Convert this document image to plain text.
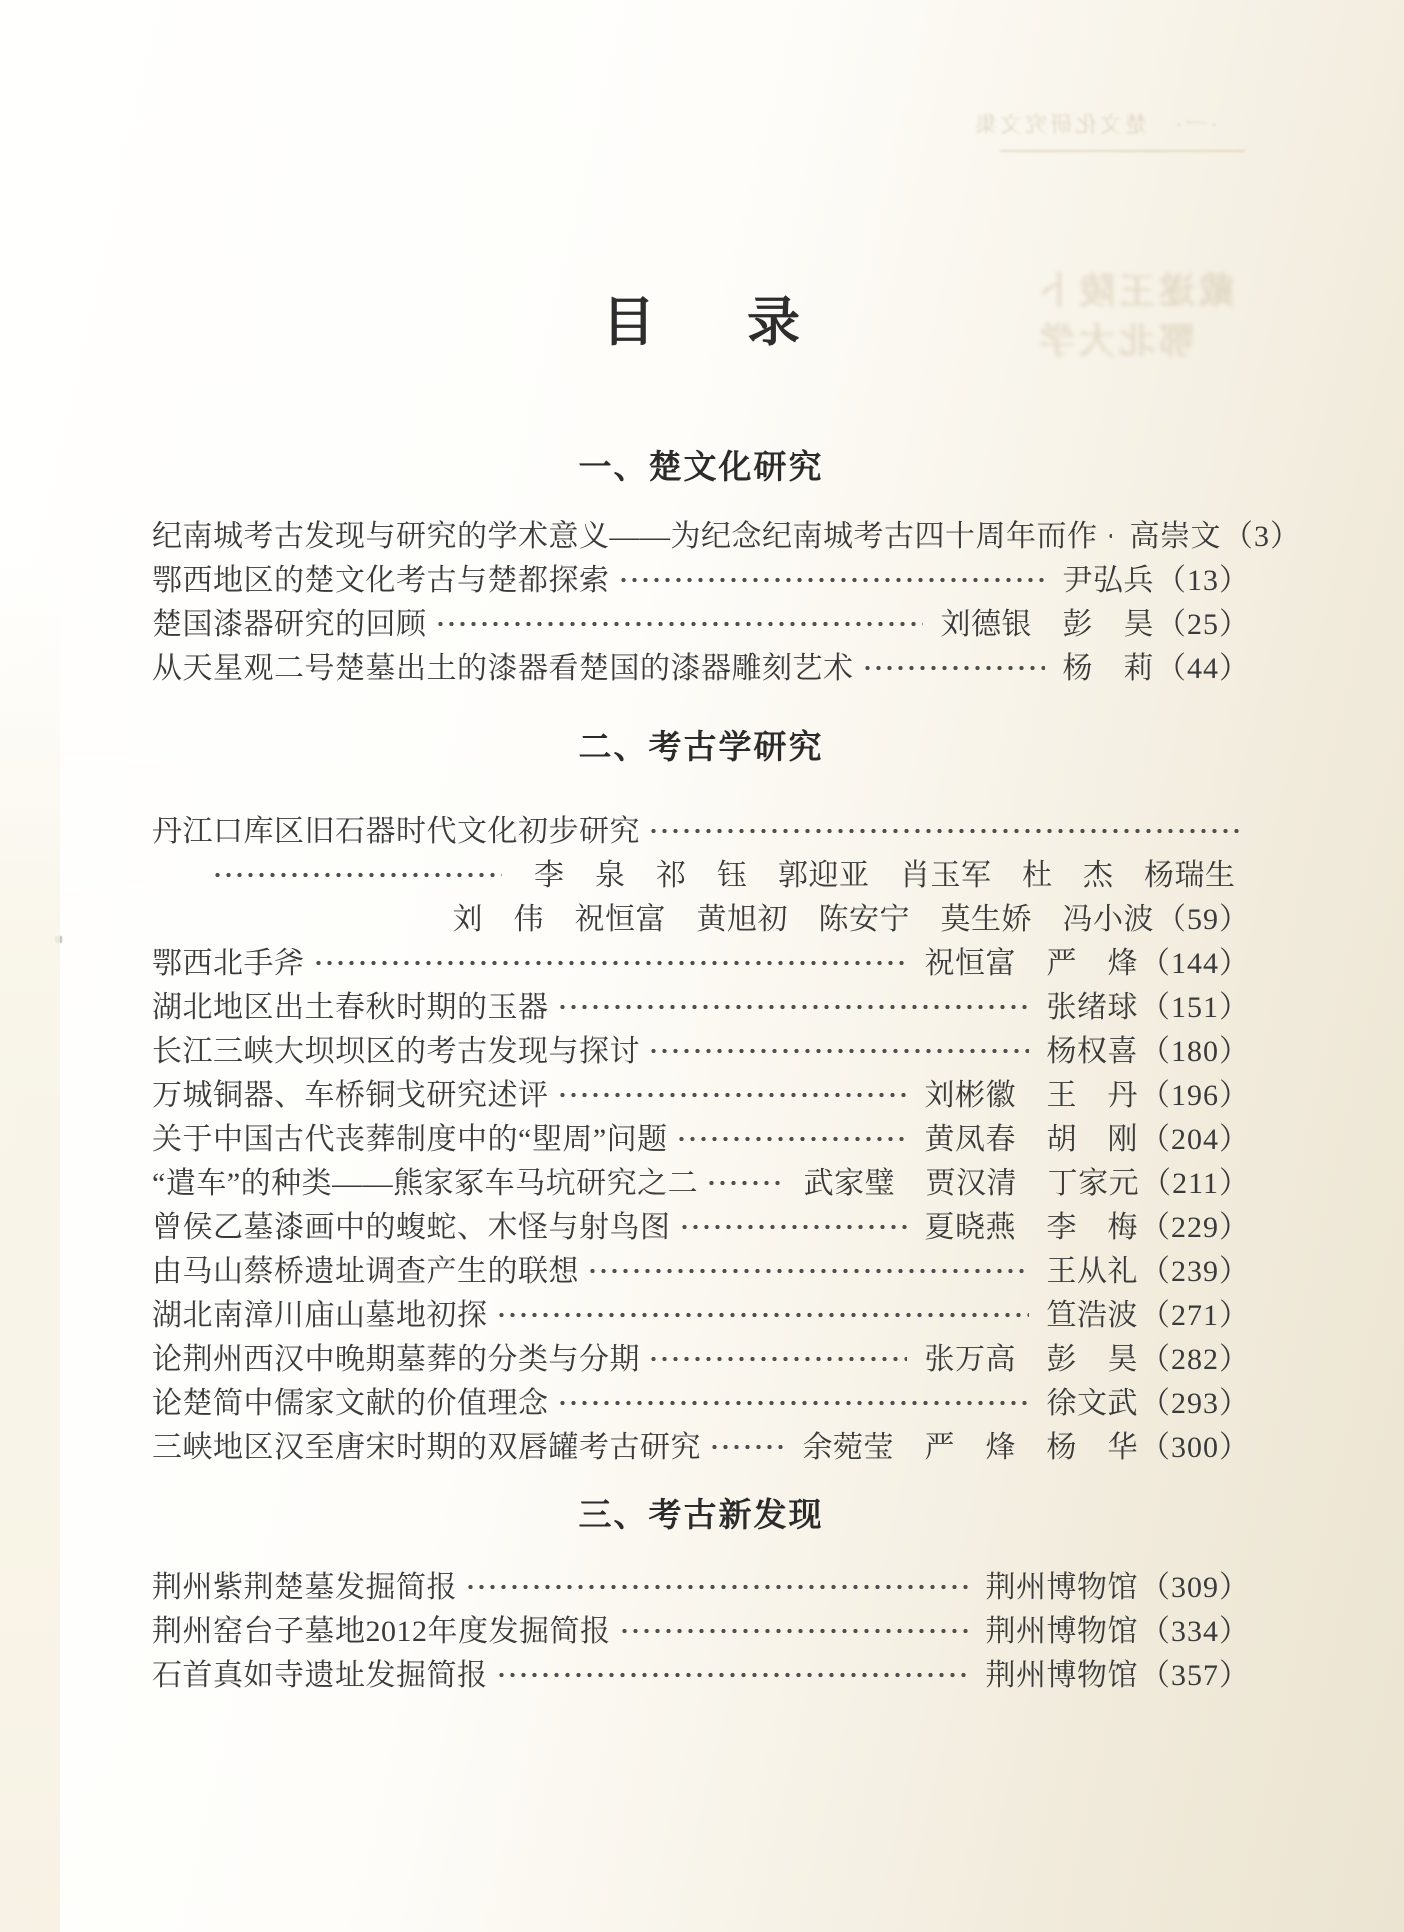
·一·　楚文化研究文集
戴遂王陵卜
鄂北大学
目 录
一、楚文化研究
纪南城考古发现与研究的学术意义——为纪念纪南城考古四十周年而作 高崇文 （3）
鄂西地区的楚文化考古与楚都探索	尹弘兵 （13）
楚国漆器研究的回顾	刘德银　彭　昊 （25）
从天星观二号楚墓出土的漆器看楚国的漆器雕刻艺术	杨　莉 （44）
二、考古学研究
丹江口库区旧石器时代文化初步研究
李　泉　祁　钰　郭迎亚　肖玉军　杜　杰　杨瑞生
刘　伟　祝恒富　黄旭初　陈安宁　莫生娇　冯小波 （59）
鄂西北手斧	祝恒富　严　烽 （144）
湖北地区出土春秋时期的玉器	张绪球 （151）
长江三峡大坝坝区的考古发现与探讨	杨权喜 （180）
万城铜器、车桥铜戈研究述评	刘彬徽　王　丹 （196）
关于中国古代丧葬制度中的“堲周”问题	黄凤春　胡　刚 （204）
“遣车”的种类——熊家冢车马坑研究之二	武家璧　贾汉清　丁家元 （211）
曾侯乙墓漆画中的蝮蛇、木怪与射鸟图	夏晓燕　李　梅 （229）
由马山蔡桥遗址调查产生的联想	王从礼 （239）
湖北南漳川庙山墓地初探	笪浩波 （271）
论荆州西汉中晚期墓葬的分类与分期	张万高　彭　昊 （282）
论楚简中儒家文献的价值理念	徐文武 （293）
三峡地区汉至唐宋时期的双唇罐考古研究	余菀莹　严　烽　杨　华 （300）
三、考古新发现
荆州紫荆楚墓发掘简报	荆州博物馆 （309）
荆州窑台子墓地2012年度发掘简报	荆州博物馆 （334）
石首真如寺遗址发掘简报	荆州博物馆 （357）
